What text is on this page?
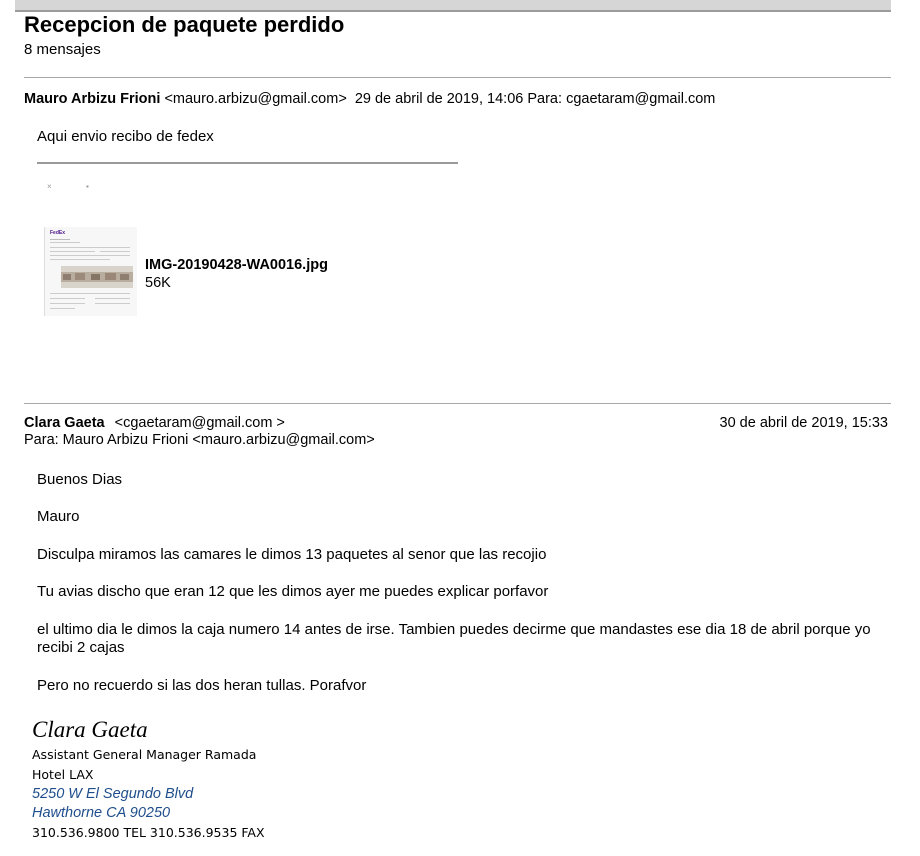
Recepcion de paquete perdido
8 mensajes
Mauro Arbizu Frioni <mauro.arbizu@gmail.com> 29 de abril de 2019, 14:06 Para: cgaetaram@gmail.com
Aqui envio recibo de fedex
×	▪
FedEx
IMG-20190428-WA0016.jpg
56K
Clara Gaeta <cgaetaram@gmail.com >	30 de abril de 2019, 15:33
Para: Mauro Arbizu Frioni <mauro.arbizu@gmail.com>
Buenos Dias
Mauro
Disculpa miramos las camares le dimos 13 paquetes al senor que las recojio
Tu avias discho que eran 12 que les dimos ayer me puedes explicar porfavor
el ultimo dia le dimos la caja numero 14 antes de irse. Tambien puedes decirme que mandastes ese dia 18 de abril porque yo recibi 2 cajas
Pero no recuerdo si las dos heran tullas. Porafvor
Clara Gaeta
Assistant General Manager Ramada
Hotel LAX
5250 W El Segundo Blvd
Hawthorne CA 90250
310.536.9800 TEL 310.536.9535 FAX
